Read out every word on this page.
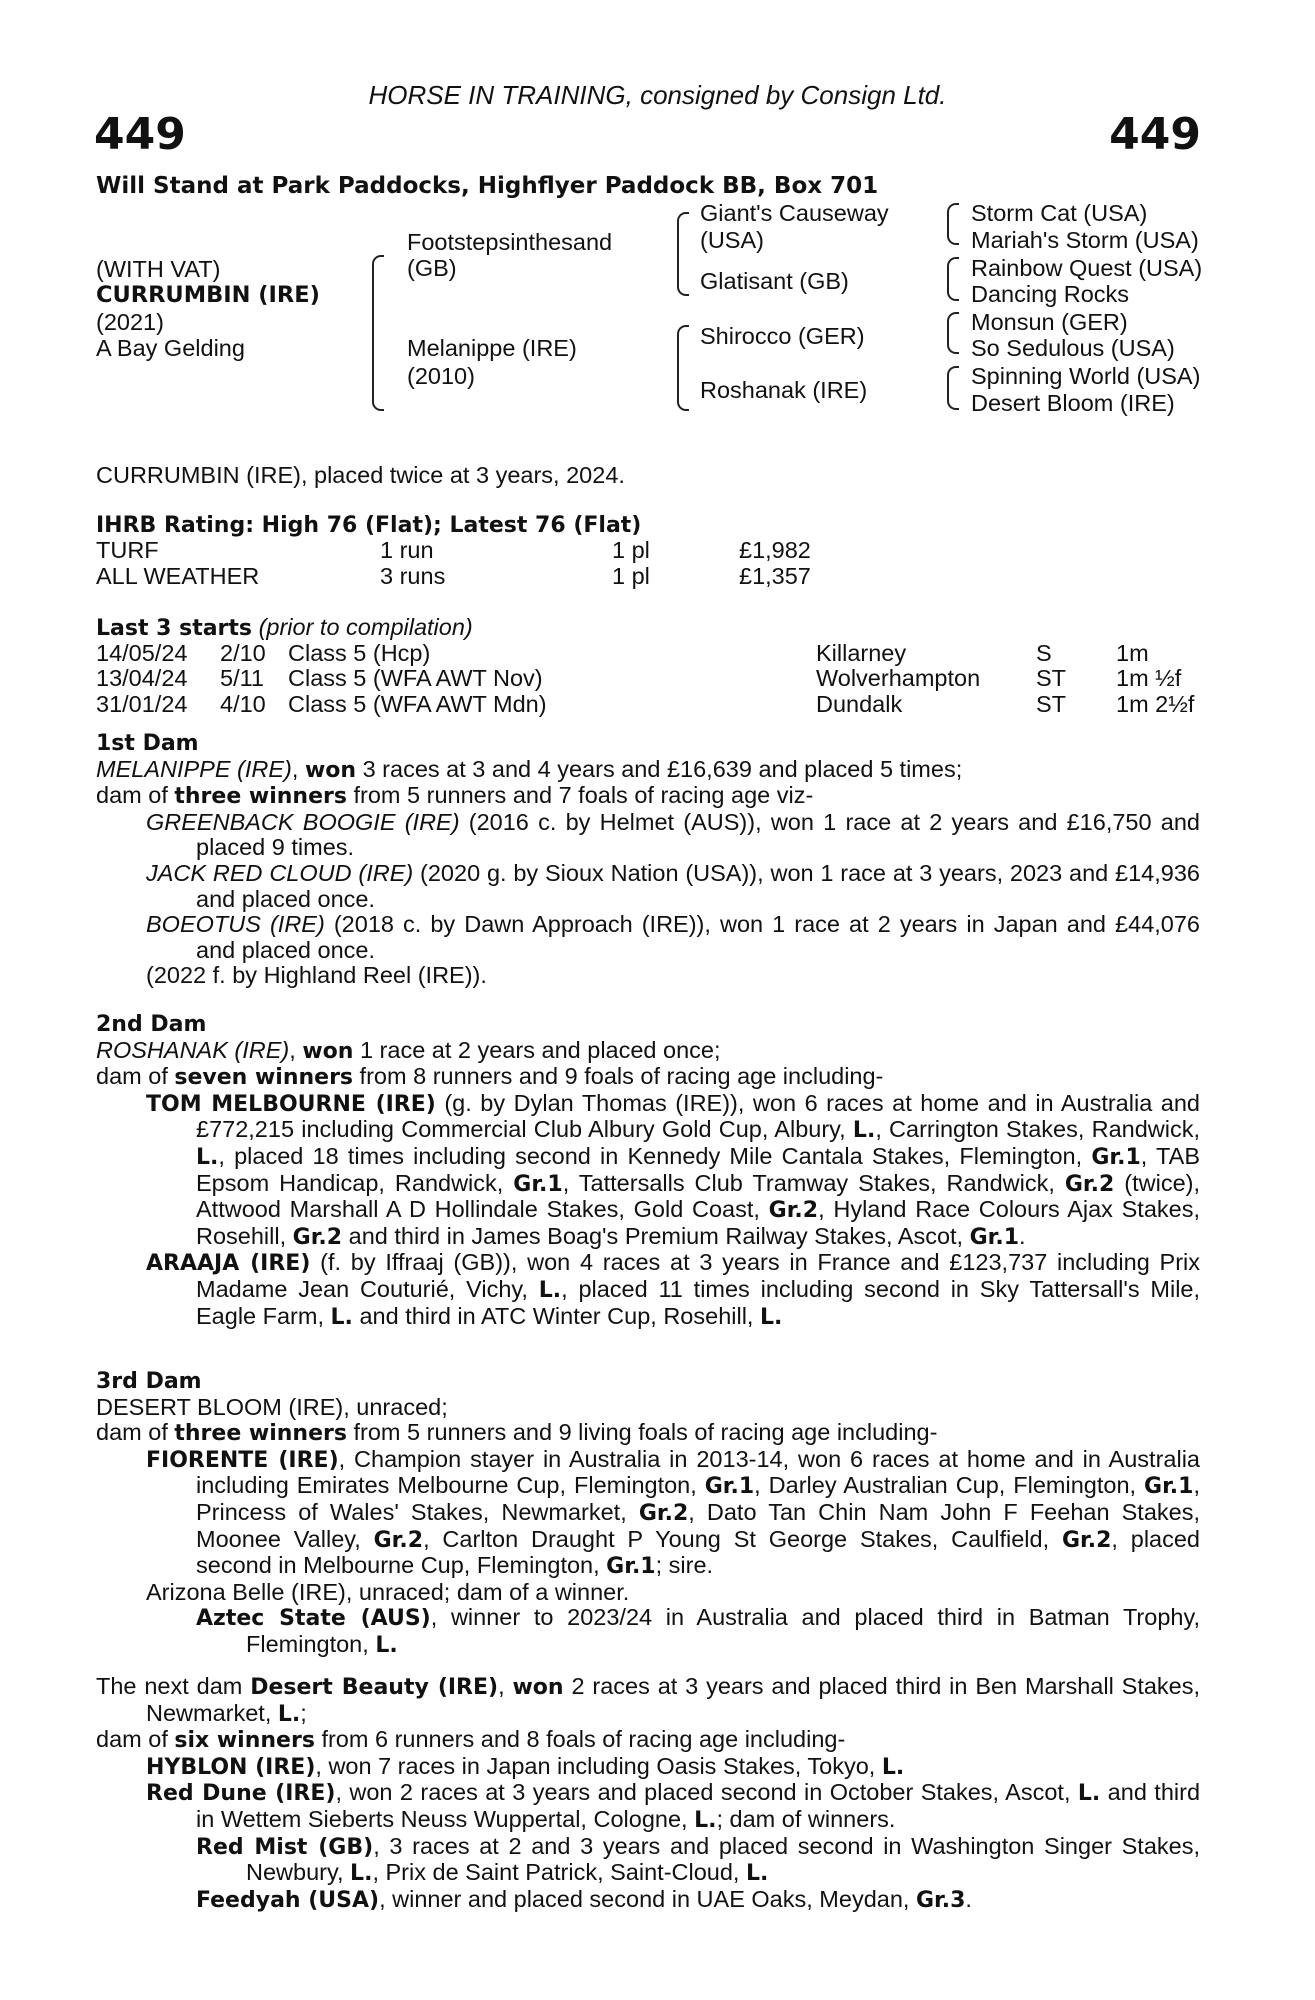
HORSE IN TRAINING, consigned by Consign Ltd.
449	449
Will Stand at Park Paddocks, Highflyer Paddock BB, Box 701
(WITH VAT)
CURRUMBIN (IRE)
(2021)
A Bay Gelding
Footstepsinthesand
(GB)
Melanippe (IRE)
(2010)
Giant's Causeway
(USA)
Glatisant (GB)
Shirocco (GER)
Roshanak (IRE)
Storm Cat (USA)
Mariah's Storm (USA)
Rainbow Quest (USA)
Dancing Rocks
Monsun (GER)
So Sedulous (USA)
Spinning World (USA)
Desert Bloom (IRE)
CURRUMBIN (IRE), placed twice at 3 years, 2024.
IHRB Rating: High 76 (Flat); Latest 76 (Flat)
TURF	1 run	1 pl	£1,982
ALL WEATHER	3 runs	1 pl	£1,357
Last 3 starts (prior to compilation)
14/05/24 2/10 Class 5 (Hcp)	Killarney	S	1m
13/04/24 5/11 Class 5 (WFA AWT Nov)	Wolverhampton ST 1m ½f
31/01/24 4/10 Class 5 (WFA AWT Mdn)	Dundalk	ST 1m 2½f
1st Dam
MELANIPPE (IRE), won 3 races at 3 and 4 years and £16,639 and placed 5 times;
dam of three winners from 5 runners and 7 foals of racing age viz-
GREENBACK BOOGIE (IRE) (2016 c. by Helmet (AUS)), won 1 race at 2 years and £16,750 and placed 9 times.
JACK RED CLOUD (IRE) (2020 g. by Sioux Nation (USA)), won 1 race at 3 years, 2023 and £14,936 and placed once.
BOEOTUS (IRE) (2018 c. by Dawn Approach (IRE)), won 1 race at 2 years in Japan and £44,076 and placed once.
(2022 f. by Highland Reel (IRE)).
2nd Dam
ROSHANAK (IRE), won 1 race at 2 years and placed once;
dam of seven winners from 8 runners and 9 foals of racing age including-
TOM MELBOURNE (IRE) (g. by Dylan Thomas (IRE)), won 6 races at home and in Australia and £772,215 including Commercial Club Albury Gold Cup, Albury, L., Carrington Stakes, Randwick, L., placed 18 times including second in Kennedy Mile Cantala Stakes, Flemington, Gr.1, TAB Epsom Handicap, Randwick, Gr.1, Tattersalls Club Tramway Stakes, Randwick, Gr.2 (twice), Attwood Marshall A D Hollindale Stakes, Gold Coast, Gr.2, Hyland Race Colours Ajax Stakes, Rosehill, Gr.2 and third in James Boag's Premium Railway Stakes, Ascot, Gr.1.
ARAAJA (IRE) (f. by Iffraaj (GB)), won 4 races at 3 years in France and £123,737 including Prix Madame Jean Couturié, Vichy, L., placed 11 times including second in Sky Tattersall's Mile, Eagle Farm, L. and third in ATC Winter Cup, Rosehill, L.
3rd Dam
DESERT BLOOM (IRE), unraced;
dam of three winners from 5 runners and 9 living foals of racing age including-
FIORENTE (IRE), Champion stayer in Australia in 2013-14, won 6 races at home and in Australia including Emirates Melbourne Cup, Flemington, Gr.1, Darley Australian Cup, Flemington, Gr.1, Princess of Wales' Stakes, Newmarket, Gr.2, Dato Tan Chin Nam John F Feehan Stakes, Moonee Valley, Gr.2, Carlton Draught P Young St George Stakes, Caulfield, Gr.2, placed second in Melbourne Cup, Flemington, Gr.1; sire.
Arizona Belle (IRE), unraced; dam of a winner.
Aztec State (AUS), winner to 2023/24 in Australia and placed third in Batman Trophy, Flemington, L.
The next dam Desert Beauty (IRE), won 2 races at 3 years and placed third in Ben Marshall Stakes, Newmarket, L.;
dam of six winners from 6 runners and 8 foals of racing age including-
HYBLON (IRE), won 7 races in Japan including Oasis Stakes, Tokyo, L.
Red Dune (IRE), won 2 races at 3 years and placed second in October Stakes, Ascot, L. and third in Wettem Sieberts Neuss Wuppertal, Cologne, L.; dam of winners.
Red Mist (GB), 3 races at 2 and 3 years and placed second in Washington Singer Stakes, Newbury, L., Prix de Saint Patrick, Saint-Cloud, L.
Feedyah (USA), winner and placed second in UAE Oaks, Meydan, Gr.3.
